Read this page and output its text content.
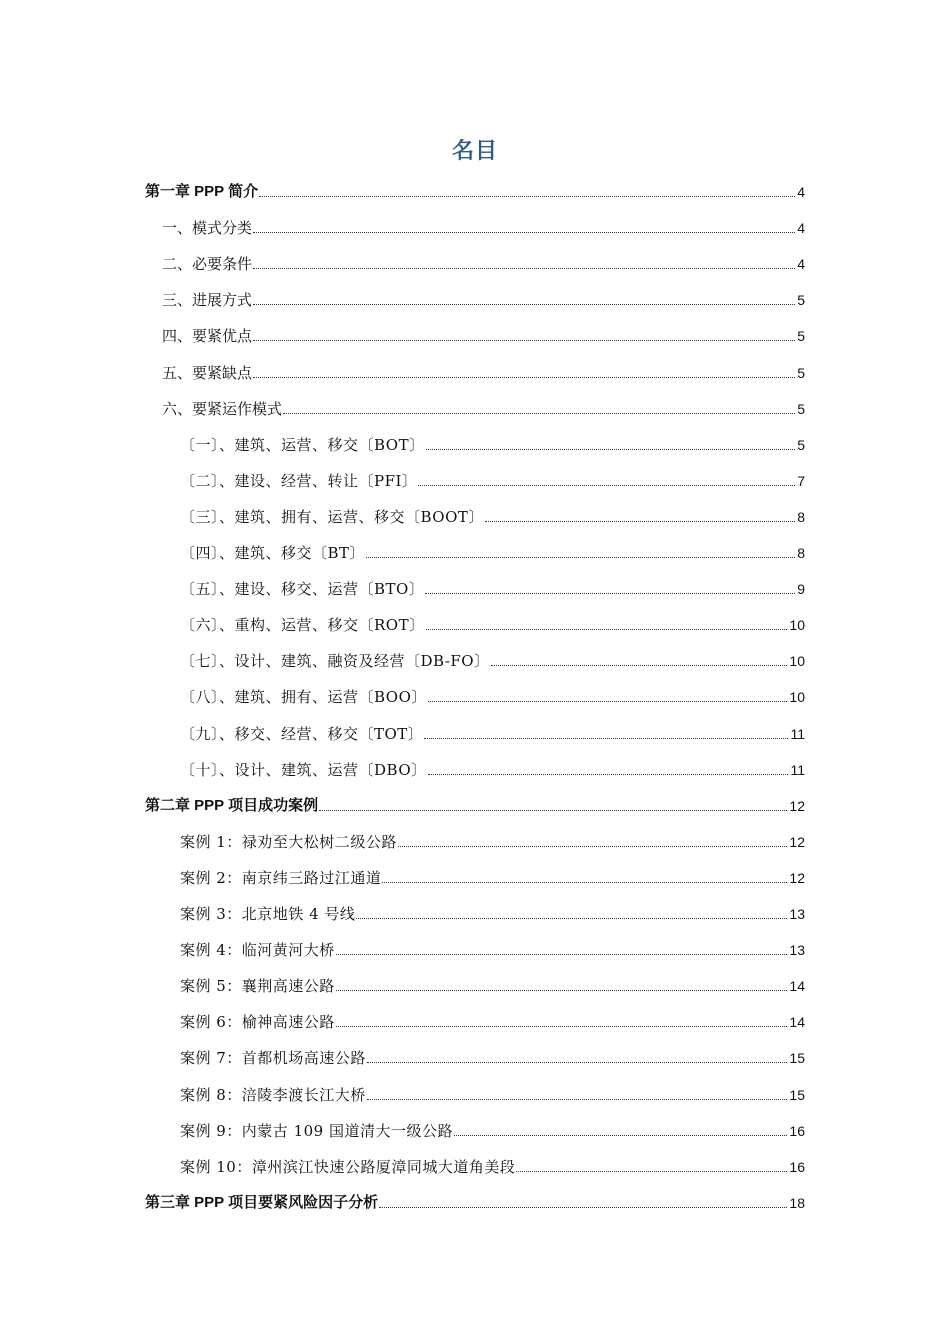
名目
第一章 PPP 简介	4
一、模式分类	4
二、必要条件	4
三、进展方式	5
四、要紧优点	5
五、要紧缺点	5
六、要紧运作模式	5
〔一〕、建筑、运营、移交〔BOT〕	5
〔二〕、建设、经营、转让〔PFI〕	7
〔三〕、建筑、拥有、运营、移交〔BOOT〕	8
〔四〕、建筑、移交〔BT〕	8
〔五〕、建设、移交、运营〔BTO〕	9
〔六〕、重构、运营、移交〔ROT〕	10
〔七〕、设计、建筑、融资及经营〔DB-FO〕	10
〔八〕、建筑、拥有、运营〔BOO〕	10
〔九〕、移交、经营、移交〔TOT〕	11
〔十〕、设计、建筑、运营〔DBO〕	11
第二章 PPP 项目成功案例	12
案例 1：禄劝至大松树二级公路	12
案例 2：南京纬三路过江通道	12
案例 3：北京地铁 4 号线	13
案例 4：临河黄河大桥	13
案例 5：襄荆高速公路	14
案例 6：榆神高速公路	14
案例 7：首都机场高速公路	15
案例 8：涪陵李渡长江大桥	15
案例 9：内蒙古 109 国道清大一级公路	16
案例 10：漳州滨江快速公路厦漳同城大道角美段	16
第三章 PPP 项目要紧风险因子分析	18
